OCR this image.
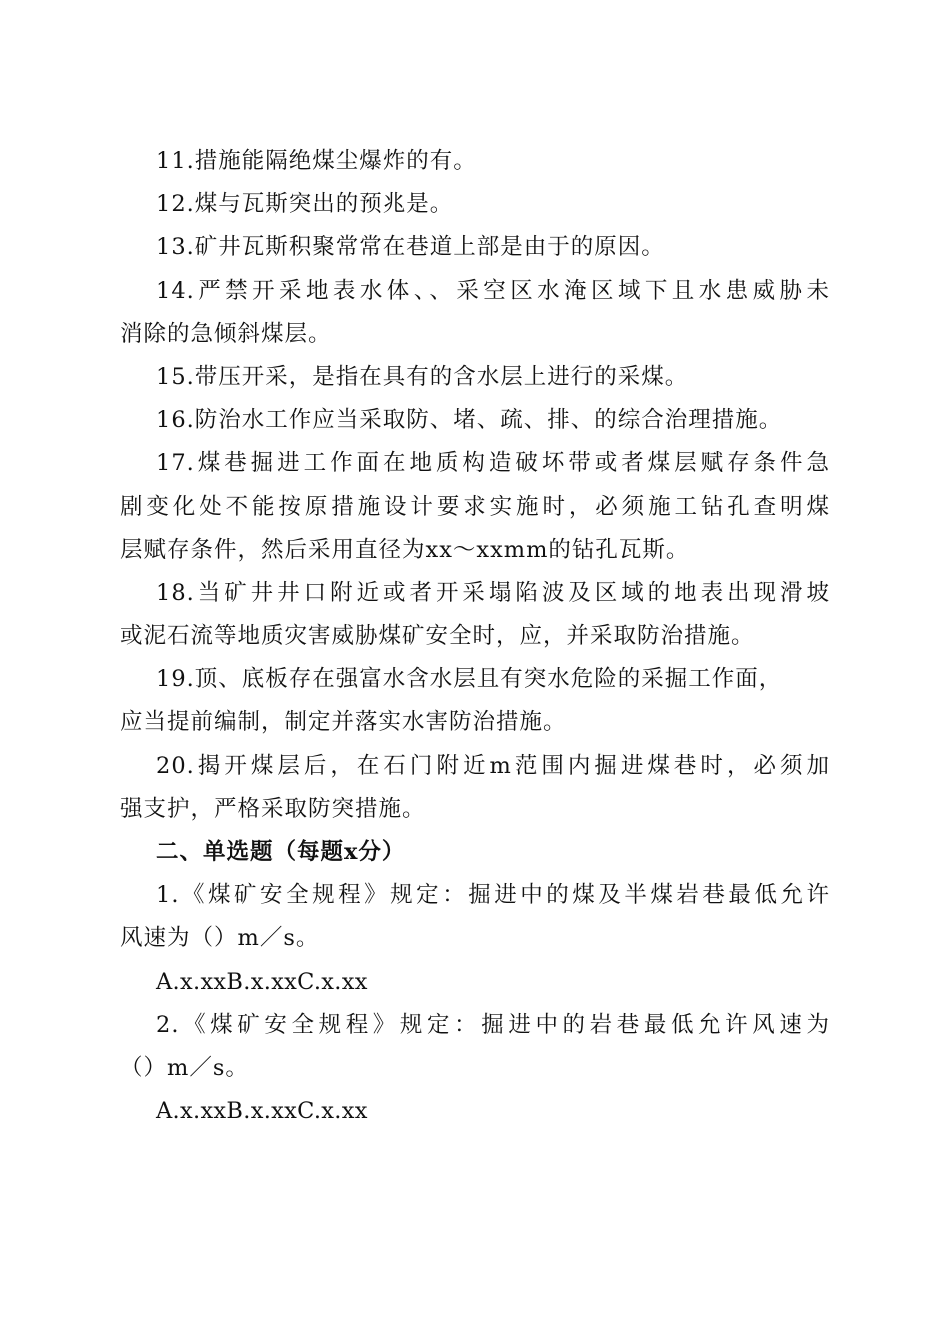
11.措施能隔绝煤尘爆炸的有。
12.煤与瓦斯突出的预兆是。
13.矿井瓦斯积聚常常在巷道上部是由于的原因。
14.严禁开采地表水体、、采空区水淹区域下且水患威胁未
消除的急倾斜煤层。
15.带压开采，是指在具有的含水层上进行的采煤。
16.防治水工作应当采取防、堵、疏、排、的综合治理措施。
17.煤巷掘进工作面在地质构造破坏带或者煤层赋存条件急
剧变化处不能按原措施设计要求实施时，必须施工钻孔查明煤
层赋存条件，然后采用直径为xx～xxmm的钻孔瓦斯。
18.当矿井井口附近或者开采塌陷波及区域的地表出现滑坡
或泥石流等地质灾害威胁煤矿安全时，应，并采取防治措施。
19.顶、底板存在强富水含水层且有突水危险的采掘工作面，
应当提前编制，制定并落实水害防治措施。
20.揭开煤层后，在石门附近m范围内掘进煤巷时，必须加
强支护，严格采取防突措施。
二、单选题（每题x分）
1.《煤矿安全规程》规定：掘进中的煤及半煤岩巷最低允许
风速为（）m／s。
A.x.xxB.x.xxC.x.xx
2.《煤矿安全规程》规定：掘进中的岩巷最低允许风速为
（）m／s。
A.x.xxB.x.xxC.x.xx
